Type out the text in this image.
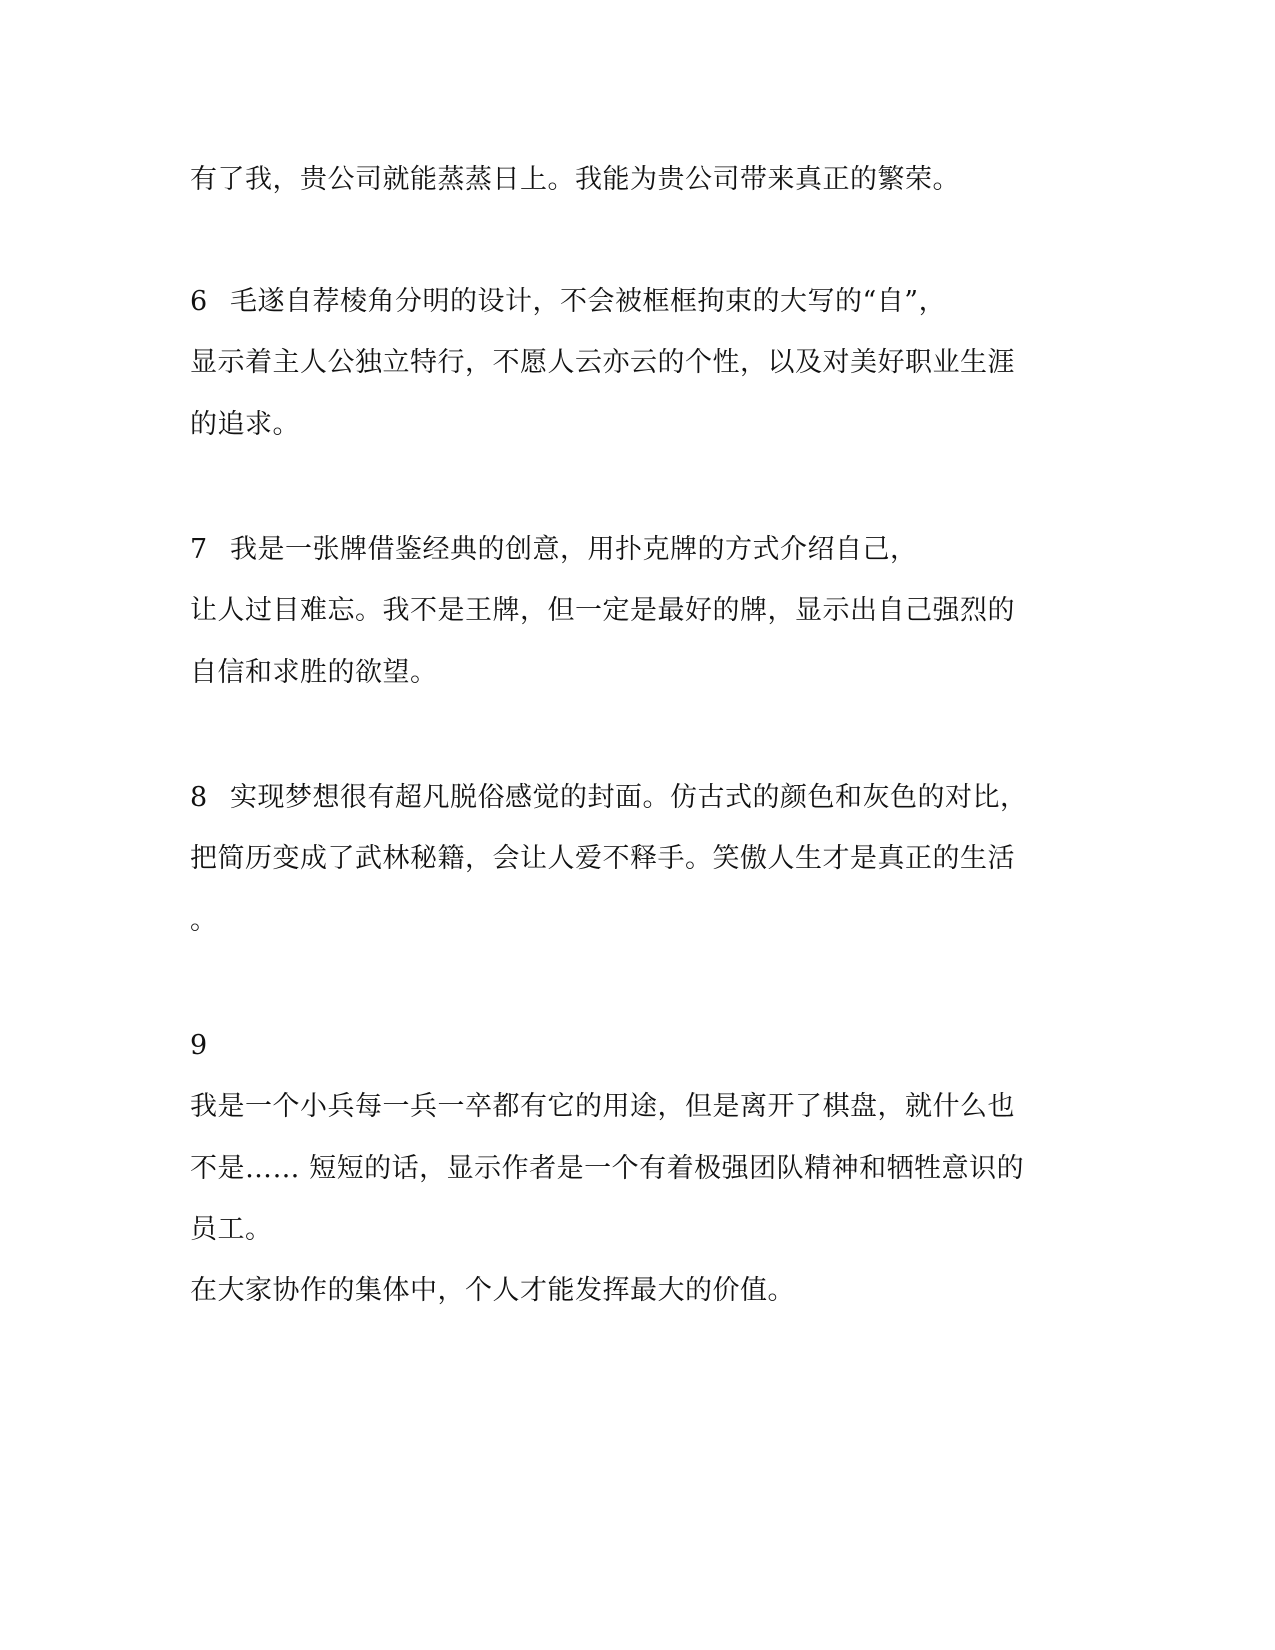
有了我，贵公司就能蒸蒸日上。我能为贵公司带来真正的繁荣。
6 毛遂自荐棱角分明的设计，不会被框框拘束的大写的“自”，
显示着主人公独立特行，不愿人云亦云的个性，以及对美好职业生涯
的追求。
7 我是一张牌借鉴经典的创意，用扑克牌的方式介绍自己，
让人过目难忘。我不是王牌，但一定是最好的牌，显示出自己强烈的
自信和求胜的欲望。
8 实现梦想很有超凡脱俗感觉的封面。仿古式的颜色和灰色的对比，
把简历变成了武林秘籍，会让人爱不释手。笑傲人生才是真正的生活
。
9
我是一个小兵每一兵一卒都有它的用途，但是离开了棋盘，就什么也
不是…… 短短的话，显示作者是一个有着极强团队精神和牺牲意识的
员工。
在大家协作的集体中，个人才能发挥最大的价值。
